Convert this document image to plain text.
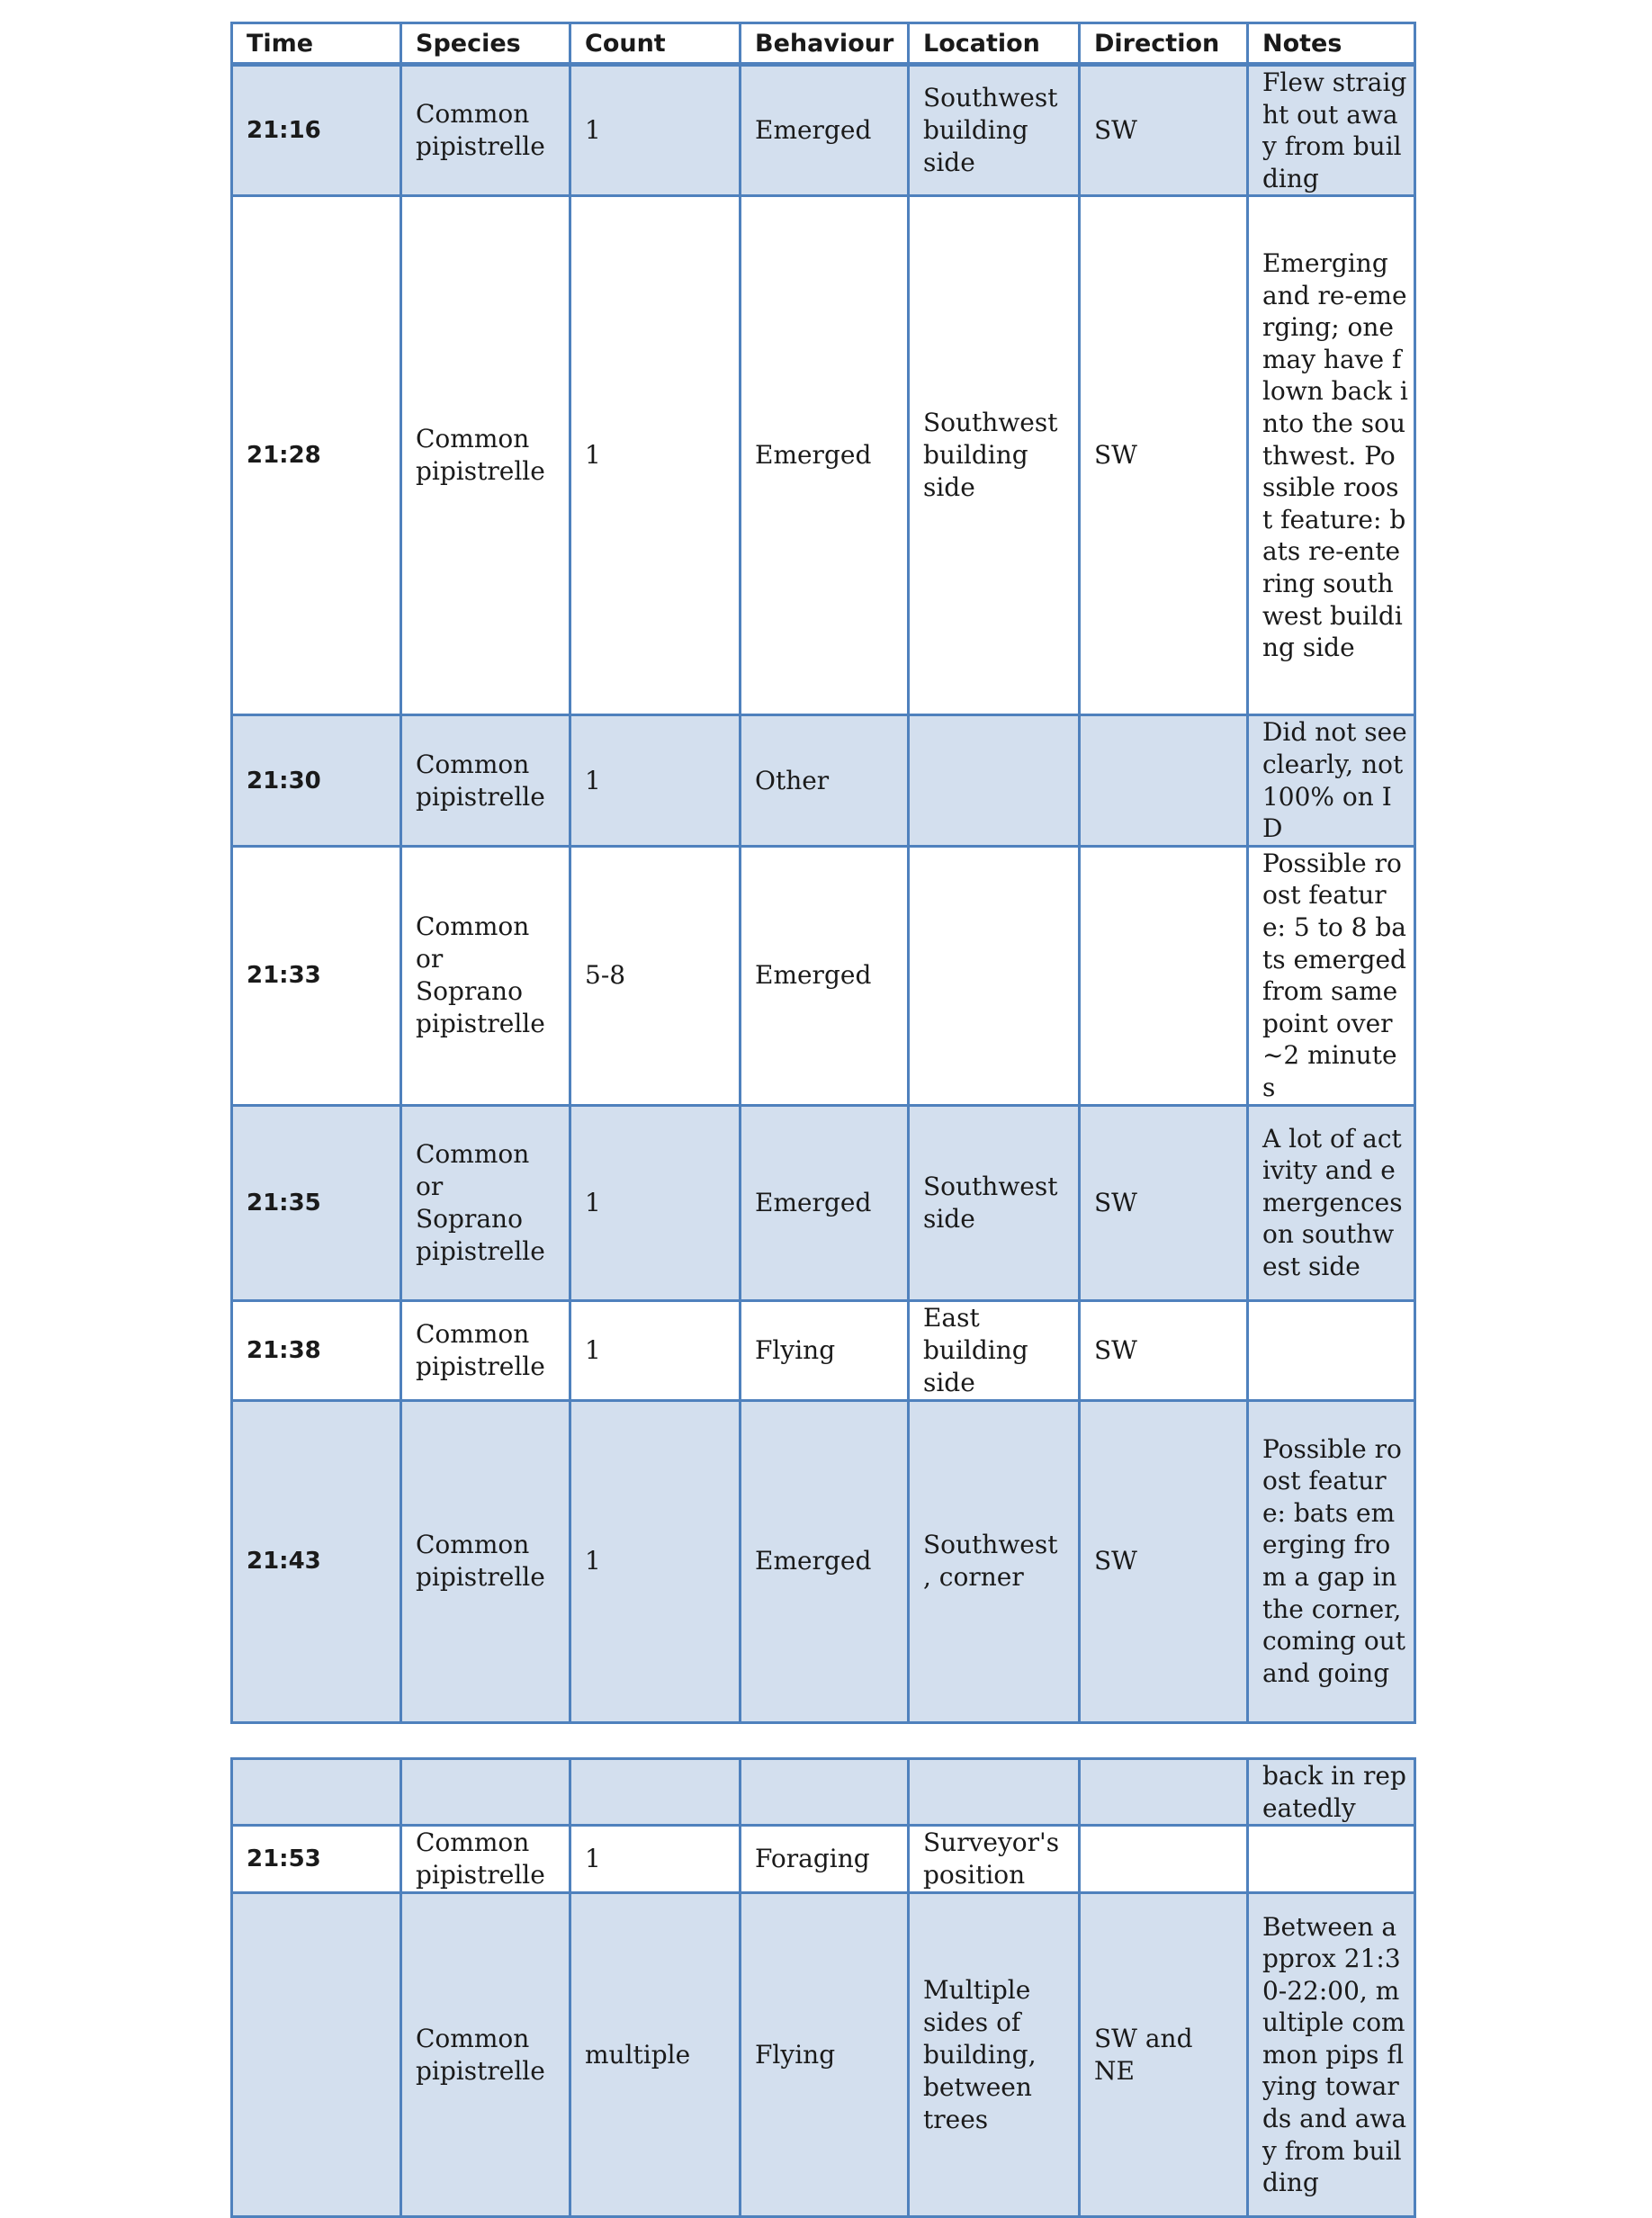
Time	Species	Count	Behaviour	Location	Direction	Notes
21:16	Common pipistrelle	1	Emerged	Southwest building side	SW	Flew straight out away from building
21:28	Common pipistrelle	1	Emerged	Southwest building side	SW	Emerging and re-emerging; one may have flown back into the southwest. Possible roost feature: bats re-entering southwest building side
21:30	Common pipistrelle	1	Other			Did not see clearly, not 100% on ID
21:33	Common or Soprano pipistrelle	5-8	Emerged			Possible roost feature: 5 to 8 bats emerged from same point over ~2 minutes
21:35	Common or Soprano pipistrelle	1	Emerged	Southwest side	SW	A lot of activity and emergences on southwest side
21:38	Common pipistrelle	1	Flying	East building side	SW	
21:43	Common pipistrelle	1	Emerged	Southwest, corner	SW	Possible roost feature: bats emerging from a gap in the corner, coming out and going
						back in repeatedly
21:53	Common pipistrelle	1	Foraging	Surveyor's position		
	Common pipistrelle	multiple	Flying	Multiple sides of building, between trees	SW and NE	Between approx 21:30-22:00, multiple common pips flying towards and away from building
